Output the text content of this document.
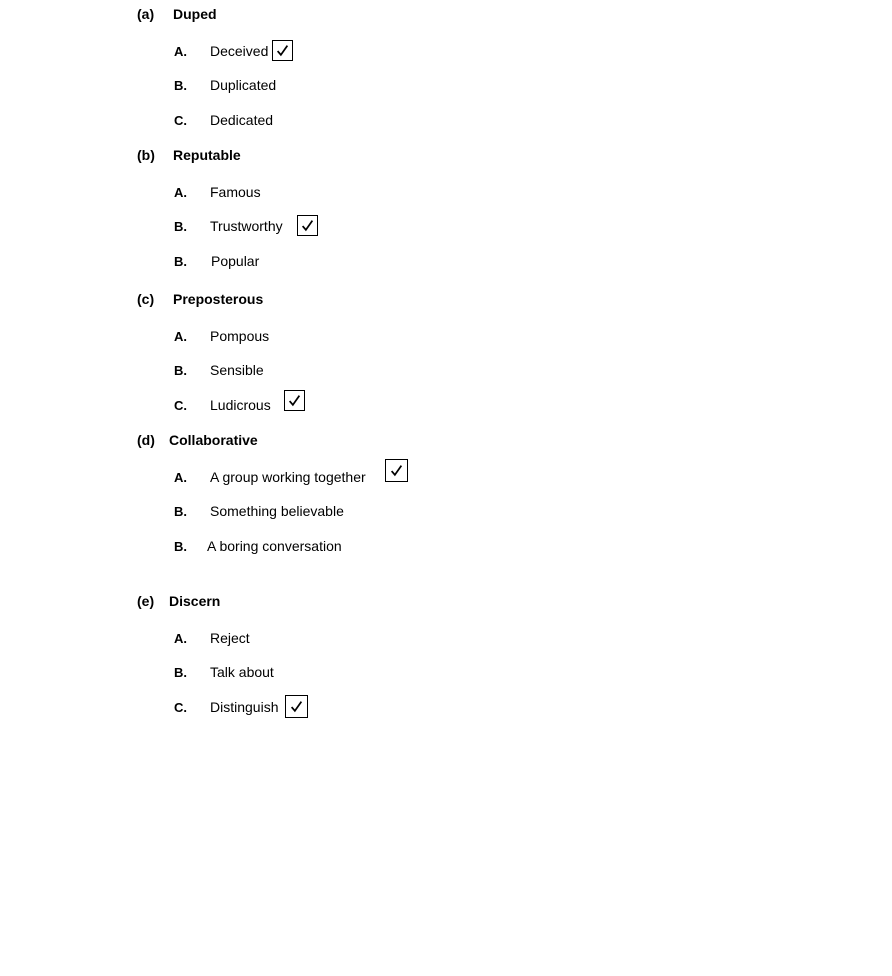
(a) Duped
A. Deceived
B. Duplicated
C. Dedicated
(b) Reputable
A. Famous
B. Trustworthy
B. Popular
(c) Preposterous
A. Pompous
B. Sensible
C. Ludicrous
(d) Collaborative
A. A group working together
B. Something believable
B. A boring conversation
(e) Discern
A. Reject
B. Talk about
C. Distinguish
